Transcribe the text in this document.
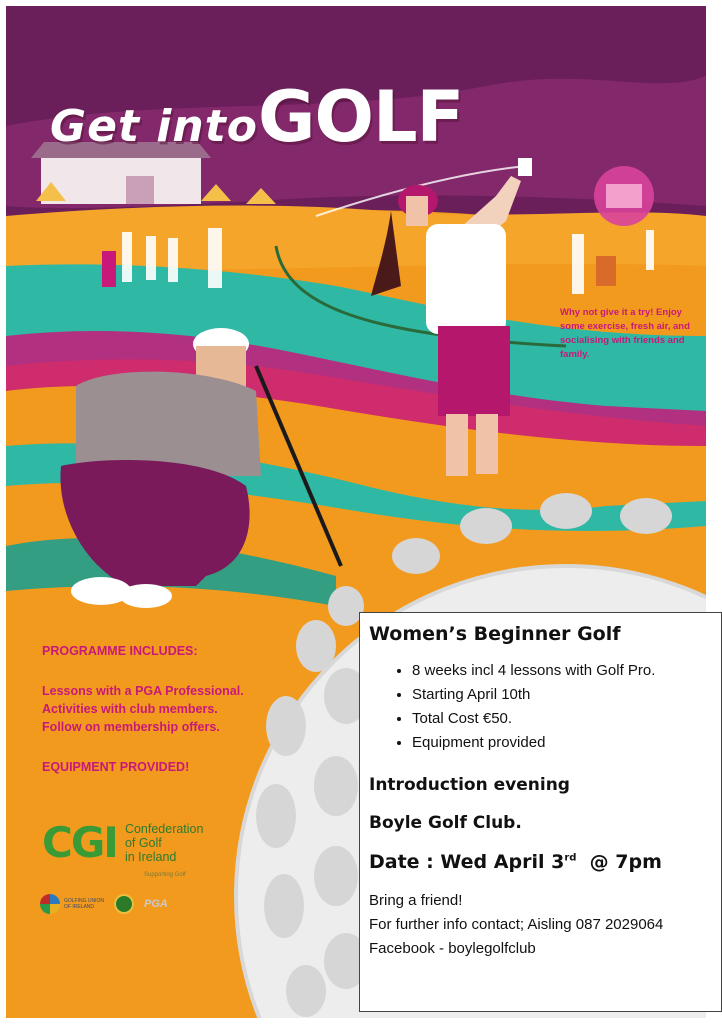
Get intoGOLF
Why not give it a try! Enjoy some exercise, fresh air, and socialising with friends and family.
PROGRAMME INCLUDES:
Lessons with a PGA Professional.
Activities with club members.
Follow on membership offers.
EQUIPMENT PROVIDED!
CGI Confederation
of Golf
in Ireland
Supporting Golf
GOLFING UNION
OF IRELAND	PGA
Women’s Beginner Golf
• 8 weeks incl 4 lessons with Golf Pro.
• Starting April 10th
• Total Cost €50.
• Equipment provided
Introduction evening
Boyle Golf Club.
Date : Wed April 3rd @ 7pm
Bring a friend!
For further info contact; Aisling 087 2029064
Facebook - boylegolfclub
